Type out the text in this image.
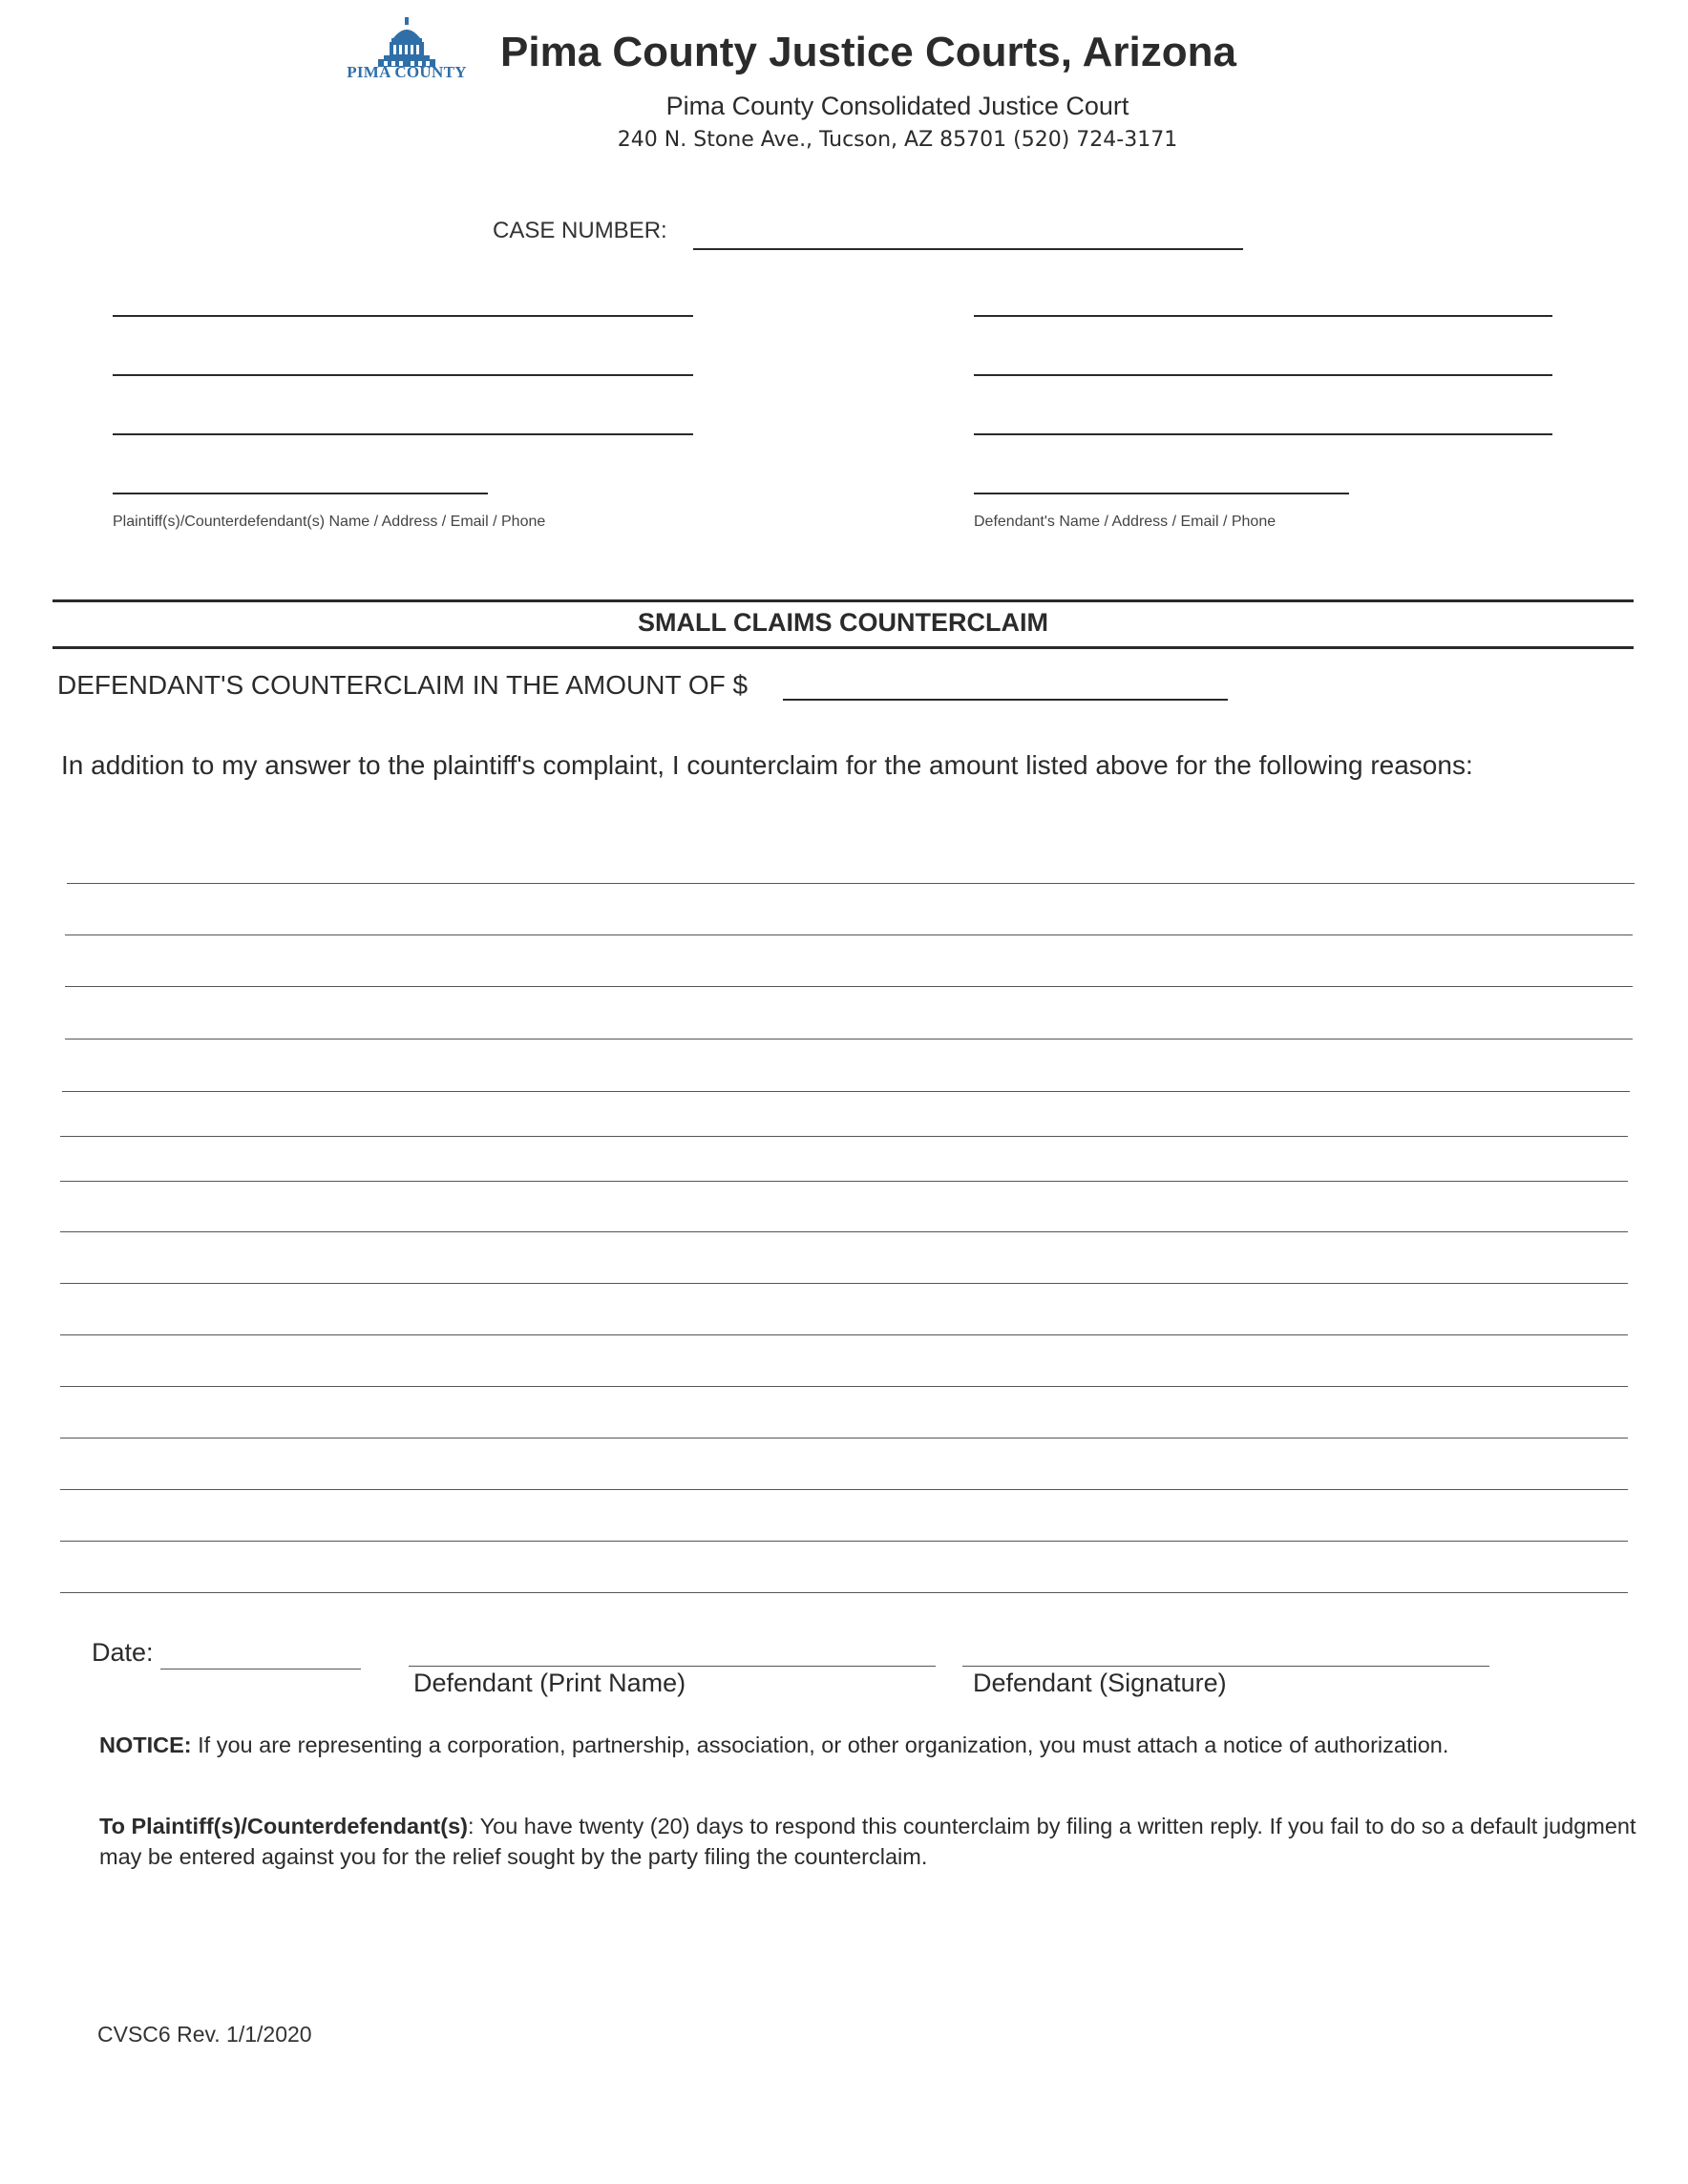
PIMA COUNTY Pima County Justice Courts, Arizona
Pima County Consolidated Justice Court
240 N. Stone Ave., Tucson, AZ 85701 (520) 724-3171
CASE NUMBER:
Plaintiff(s)/Counterdefendant(s) Name / Address / Email / Phone	Defendant's Name / Address / Email / Phone
SMALL CLAIMS COUNTERCLAIM
DEFENDANT'S COUNTERCLAIM IN THE AMOUNT OF $
In addition to my answer to the plaintiff's complaint, I counterclaim for the amount listed above for the following reasons:
Date:
Defendant (Print Name)	Defendant (Signature)
NOTICE: If you are representing a corporation, partnership, association, or other organization, you must attach a notice of authorization.
To Plaintiff(s)/Counterdefendant(s): You have twenty (20) days to respond this counterclaim by filing a written reply. If you fail to do so a default judgment may be entered against you for the relief sought by the party filing the counterclaim.
CVSC6 Rev. 1/1/2020
